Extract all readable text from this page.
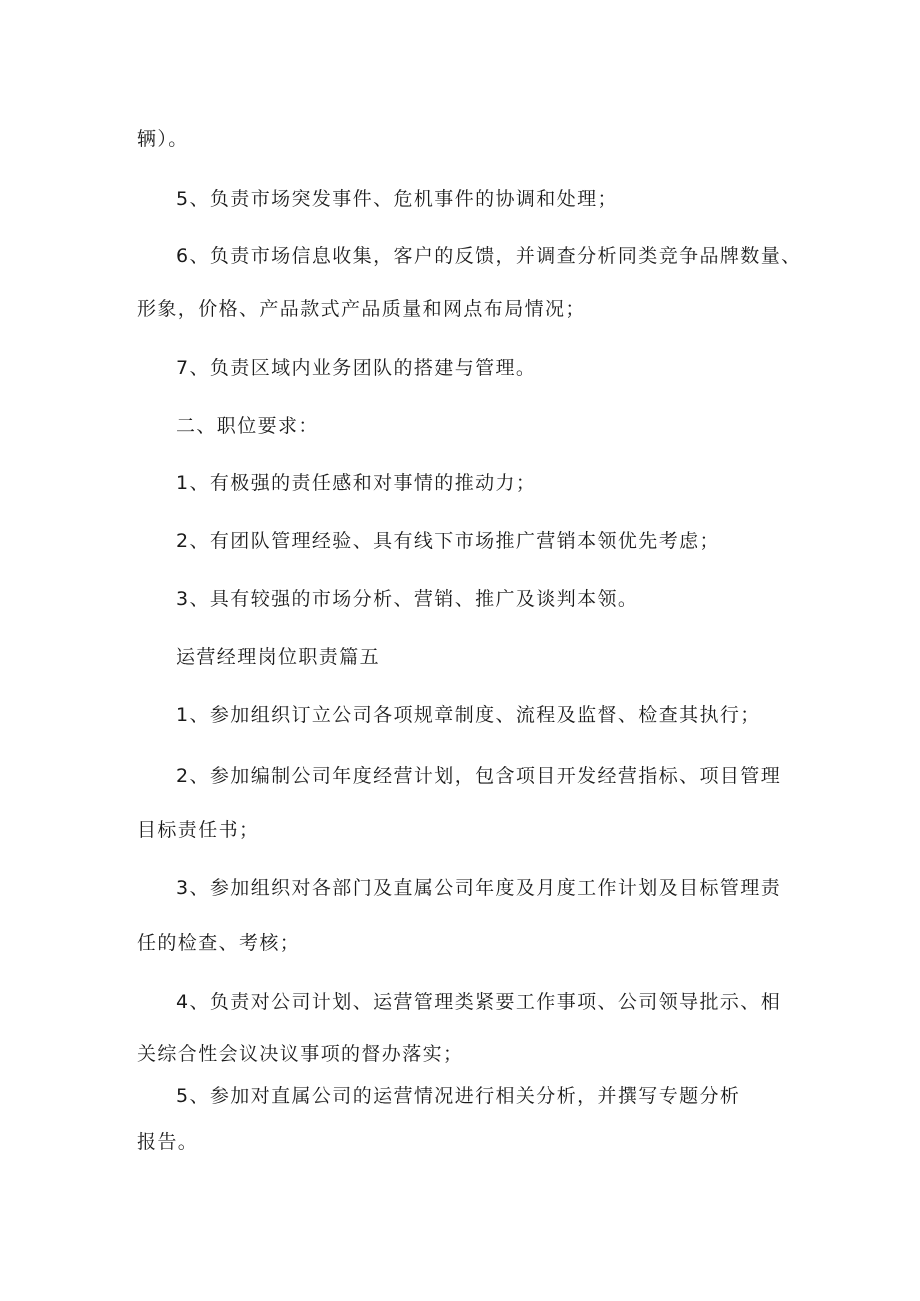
辆）。

5、负责市场突发事件、危机事件的协调和处理；

6、负责市场信息收集，客户的反馈，并调查分析同类竞争品牌数量、

形象，价格、产品款式产品质量和网点布局情况；

7、负责区域内业务团队的搭建与管理。

二、职位要求：

1、有极强的责任感和对事情的推动力；

2、有团队管理经验、具有线下市场推广营销本领优先考虑；

3、具有较强的市场分析、营销、推广及谈判本领。

运营经理岗位职责篇五

1、参加组织订立公司各项规章制度、流程及监督、检查其执行；

2、参加编制公司年度经营计划，包含项目开发经营指标、项目管理

目标责任书；

3、参加组织对各部门及直属公司年度及月度工作计划及目标管理责

任的检查、考核；

4、负责对公司计划、运营管理类紧要工作事项、公司领导批示、相

关综合性会议决议事项的督办落实；

5、参加对直属公司的运营情况进行相关分析，并撰写专题分析

报告。
